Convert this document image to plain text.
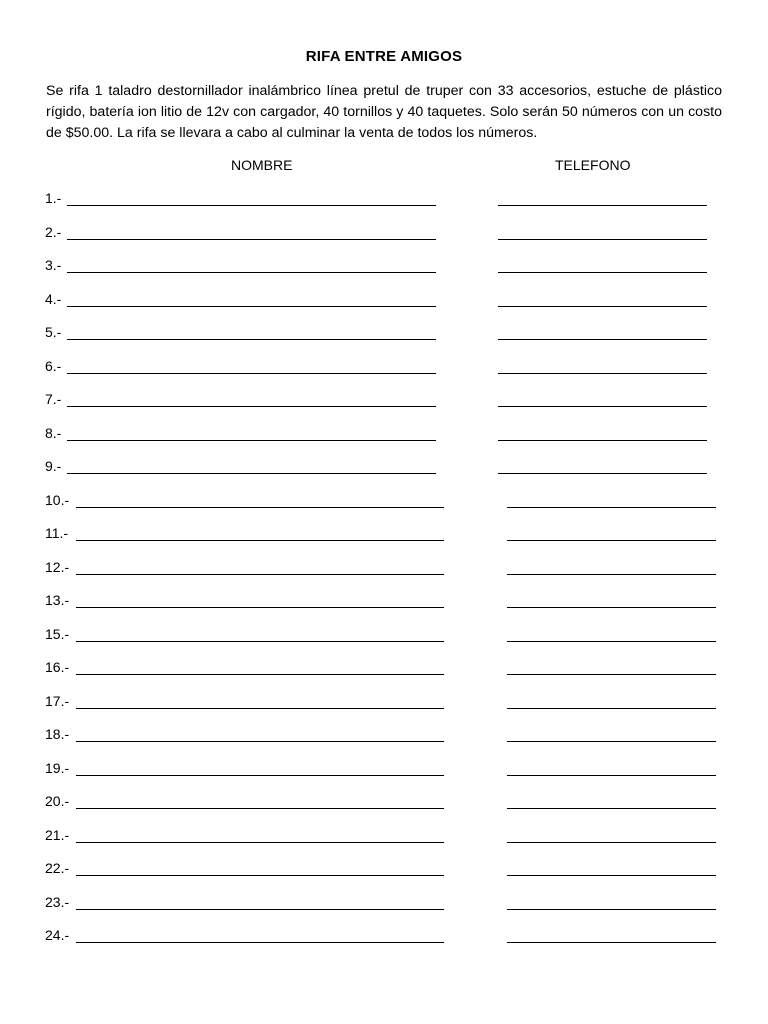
RIFA ENTRE AMIGOS

Se rifa 1 taladro destornillador inalámbrico línea pretul de truper con 33 accesorios, estuche de plástico rígido, batería ion litio de 12v con cargador, 40 tornillos y 40 taquetes. Solo serán 50 números con un costo de $50.00. La rifa se llevara a cabo al culminar la venta de todos los números.

NOMBRE	TELEFONO
1.-
2.-
3.-
4.-
5.-
6.-
7.-
8.-
9.-
10.-
11.-
12.-
13.-
15.-
16.-
17.-
18.-
19.-
20.-
21.-
22.-
23.-
24.-
